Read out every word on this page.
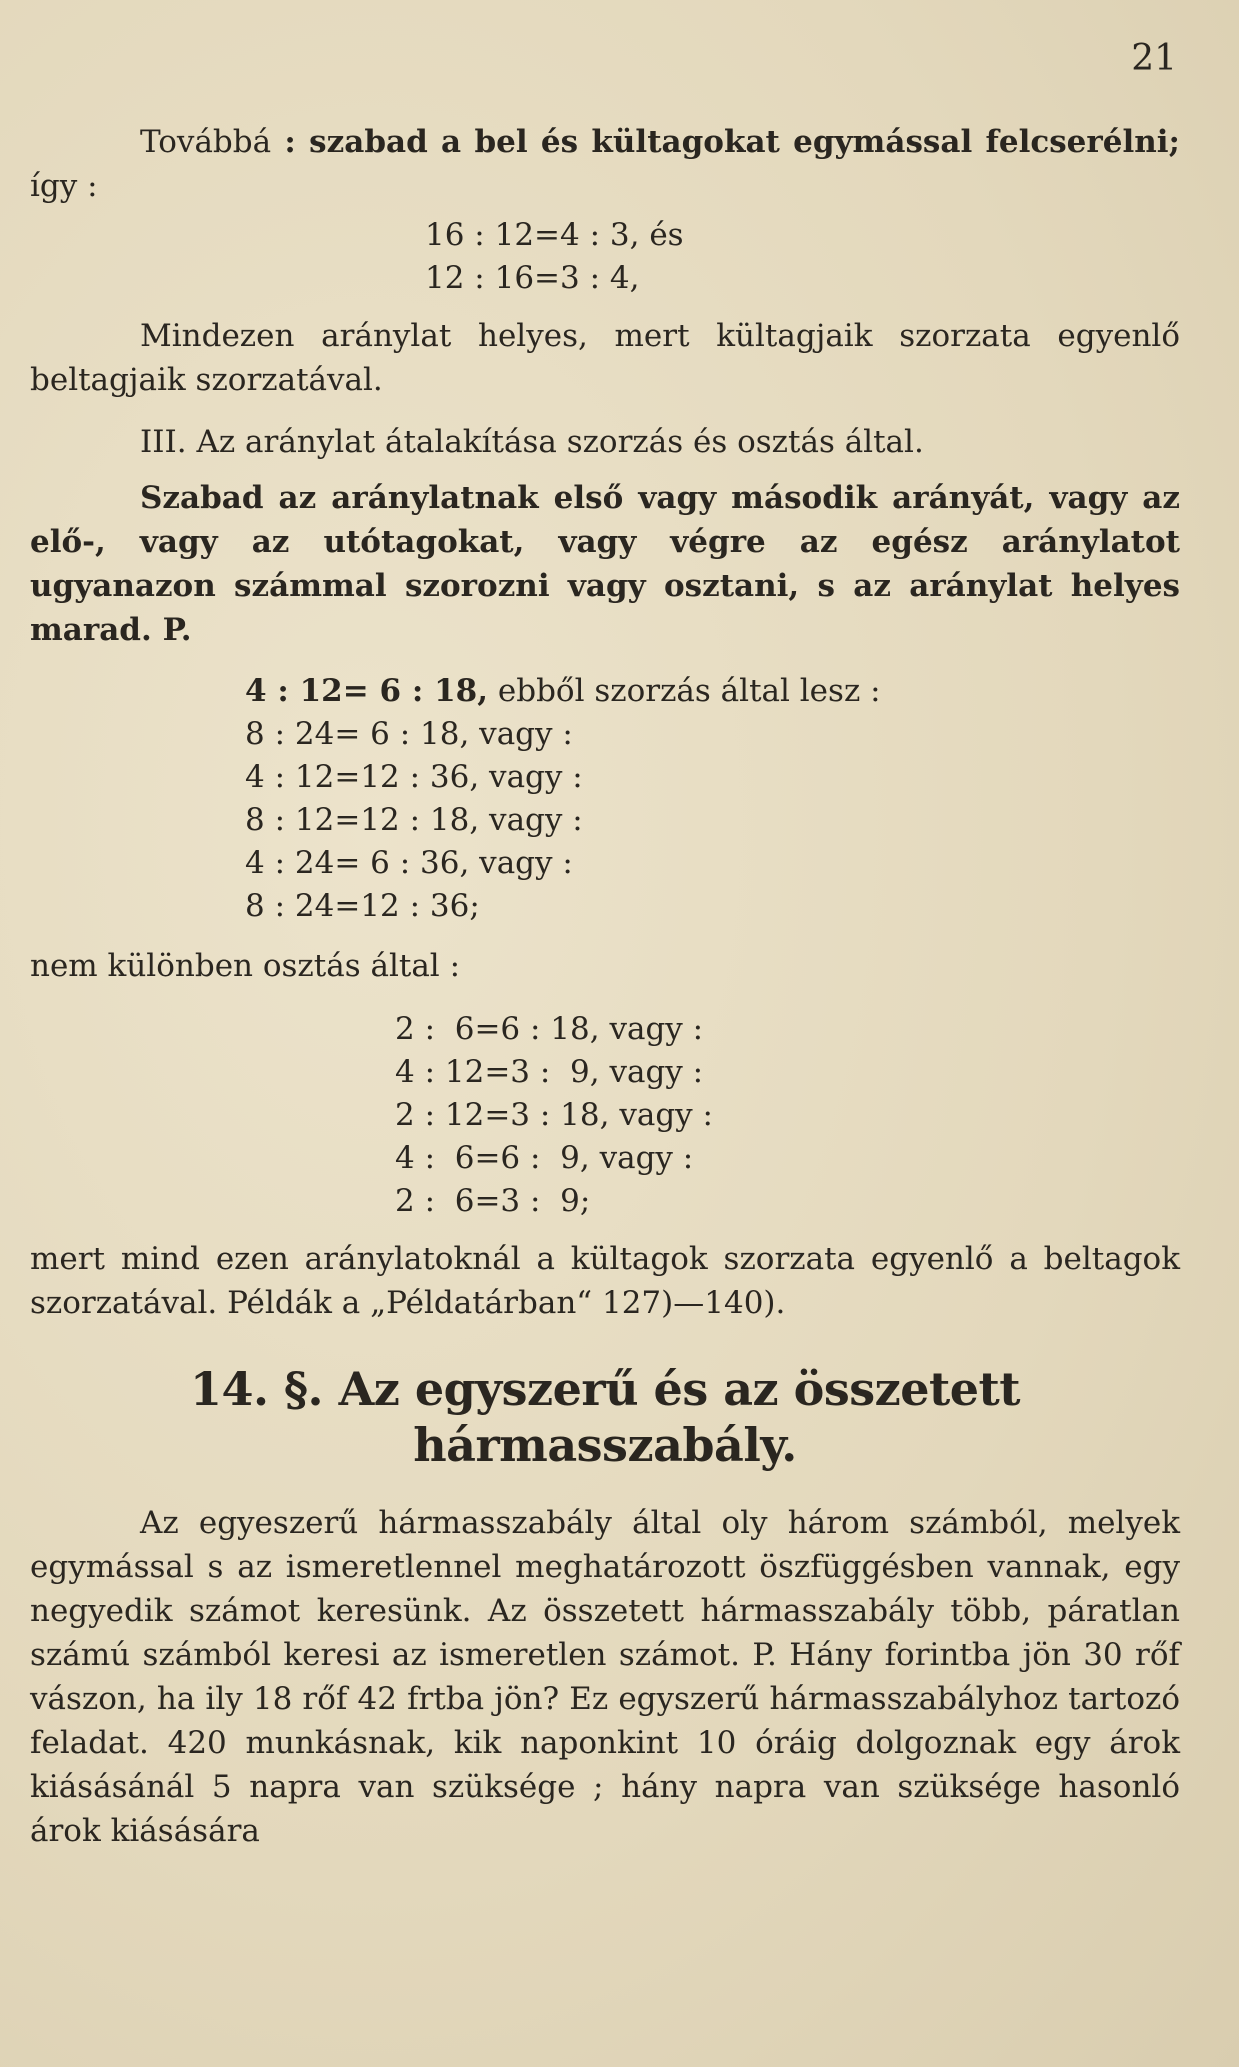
21

Továbbá : szabad a bel és kültagokat egymással felcserélni; így :

16 : 12=4 : 3, és
12 : 16=3 : 4,

Mindezen aránylat helyes, mert kültagjaik szorzata egyenlő beltagjaik szorzatával.

III. Az aránylat átalakítása szorzás és osztás által.

Szabad az aránylatnak első vagy második arányát, vagy az elő-, vagy az utótagokat, vagy végre az egész aránylatot ugyanazon számmal szorozni vagy osztani, s az aránylat helyes marad. P.

4 : 12= 6 : 18, ebből szorzás által lesz :
8 : 24= 6 : 18, vagy :
4 : 12=12 : 36, vagy :
8 : 12=12 : 18, vagy :
4 : 24= 6 : 36, vagy :
8 : 24=12 : 36;

nem különben osztás által :

2 :  6=6 : 18, vagy :
4 : 12=3 :  9, vagy :
2 : 12=3 : 18, vagy :
4 :  6=6 :  9, vagy :
2 :  6=3 :  9;

mert mind ezen aránylatoknál a kültagok szorzata egyenlő a beltagok szorzatával. Példák a „Példatárban“ 127)—140).

14. §. Az egyszerű és az összetett hármasszabály.

Az egyeszerű hármasszabály által oly három számból, melyek egymással s az ismeretlennel meghatározott öszfüggésben vannak, egy negyedik számot keresünk. Az összetett hármasszabály több, páratlan számú számból keresi az ismeretlen számot. P. Hány forintba jön 30 rőf vászon, ha ily 18 rőf 42 frtba jön? Ez egyszerű hármasszabályhoz tartozó feladat. 420 munkásnak, kik naponkint 10 óráig dolgoznak egy árok kiásásánál 5 napra van szüksége ; hány napra van szüksége hasonló árok kiásására
